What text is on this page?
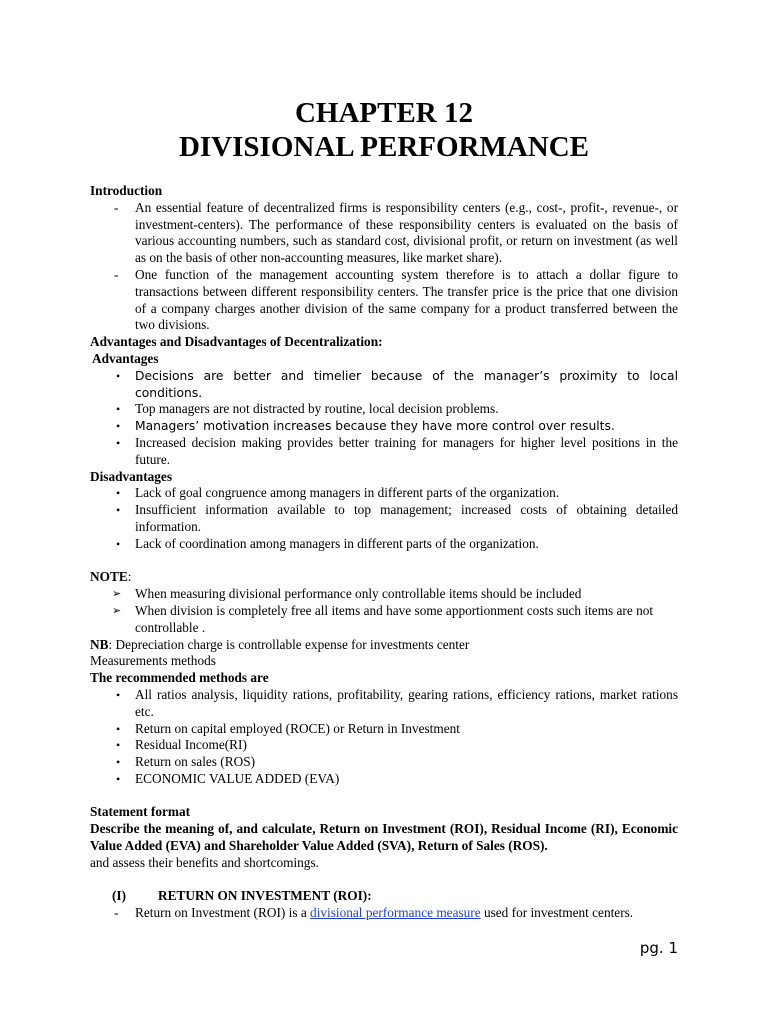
CHAPTER 12
DIVISIONAL PERFORMANCE

Introduction

- An essential feature of decentralized firms is responsibility centers (e.g., cost-, profit-, revenue-, or investment-centers). The performance of these responsibility centers is evaluated on the basis of various accounting numbers, such as standard cost, divisional profit, or return on investment (as well as on the basis of other non-accounting measures, like market share).
- One function of the management accounting system therefore is to attach a dollar figure to transactions between different responsibility centers. The transfer price is the price that one division of a company charges another division of the same company for a product transferred between the two divisions.

Advantages and Disadvantages of Decentralization:

Advantages

• Decisions are better and timelier because of the manager’s proximity to local conditions.
• Top managers are not distracted by routine, local decision problems.
• Managers’ motivation increases because they have more control over results.
• Increased decision making provides better training for managers for higher level positions in the future.

Disadvantages

• Lack of goal congruence among managers in different parts of the organization.
• Insufficient information available to top management; increased costs of obtaining detailed information.
• Lack of coordination among managers in different parts of the organization.

NOTE:

➢ When measuring divisional performance only controllable items should be included
➢ When division is completely free all items and have some apportionment costs such items are not controllable .

NB: Depreciation charge is controllable expense for investments center

Measurements methods

The recommended methods are

• All ratios analysis, liquidity rations, profitability, gearing rations, efficiency rations, market rations etc.
• Return on capital employed (ROCE) or Return in Investment
• Residual Income(RI)
• Return on sales (ROS)
• ECONOMIC VALUE ADDED (EVA)

Statement format

Describe the meaning of, and calculate, Return on Investment (ROI), Residual Income (RI), Economic Value Added (EVA) and Shareholder Value Added (SVA), Return of Sales (ROS).

and assess their benefits and shortcomings.

(I) RETURN ON INVESTMENT (ROI):
- Return on Investment (ROI) is a divisional performance measure used for investment centers.
pg. 1
